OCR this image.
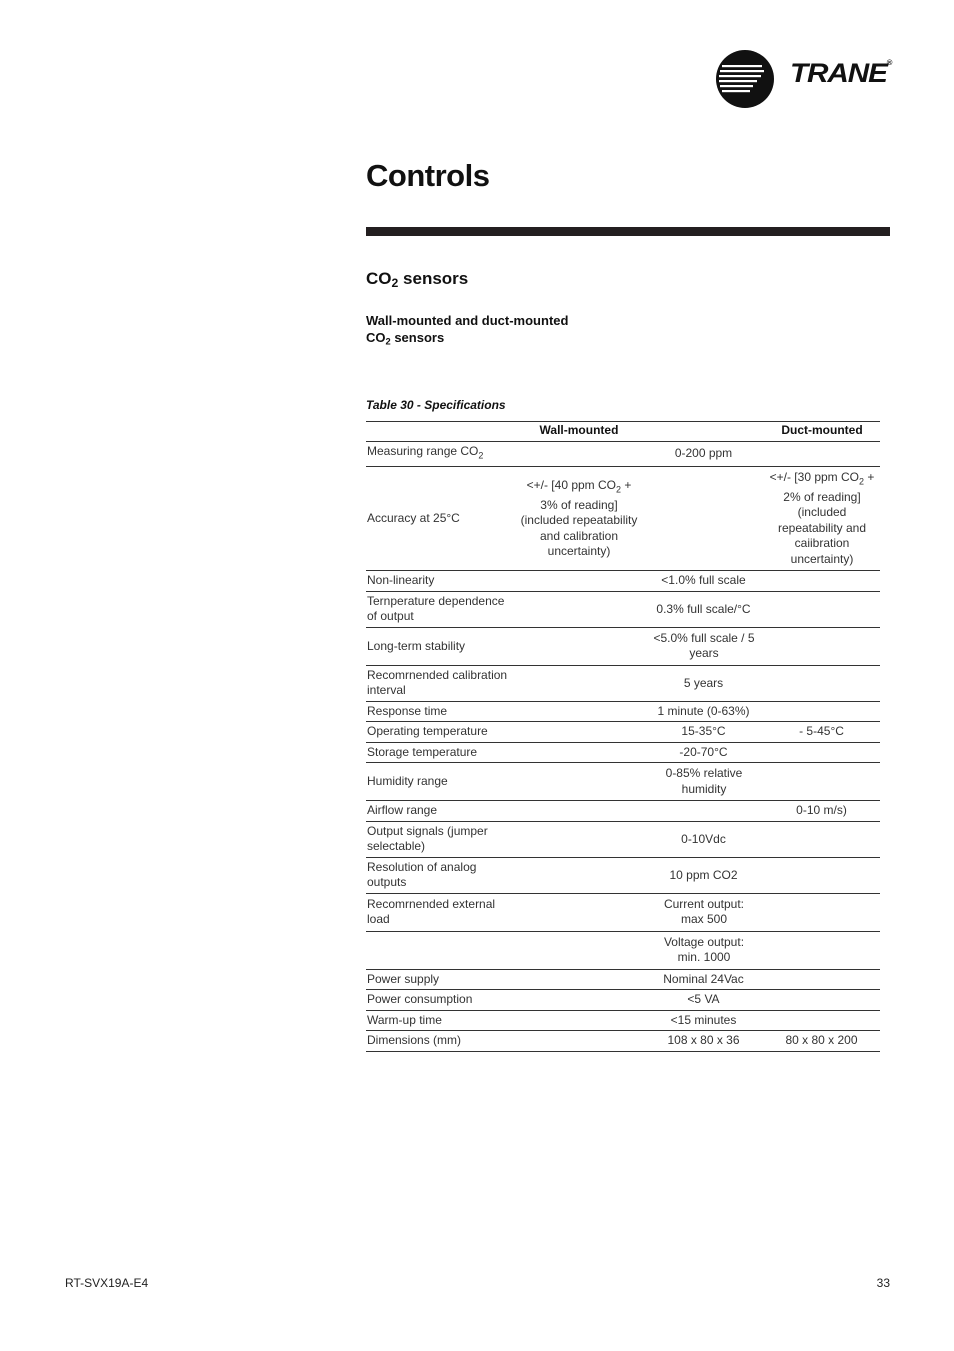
TRANE®
Controls
$CO_2$ sensors

Wall-mounted and duct-mounted
$CO_2$ sensors

Table 30 - Specifications
	Wall-mounted		Duct-mounted
Measuring range $CO_2$		0-200 ppm	
Accuracy at 25°C	<+/- [40 ppm $CO_2 + 3\%$ of reading] (included repeatability and calibration uncertainty)		<+/- [30 ppm $CO_2 + 2\%$ of reading] (included repeatability and caiibration uncertainty)
Non-linearity		<1.0% full scale	
Ternperature dependence of output		0.3% full scale/°C	
Long-term stability		<5.0% full scale / 5 years	
Recomrnended calibration interval		5 years	
Response time		1 minute (0-63%)	
Operating temperature		15-35°C	- 5-45°C
Storage temperature		-20-70°C	
Humidity range		0-85% relative humidity	
Airflow range			0-10 m/s)
Output signals (jumper selectable)		0-10Vdc	
Resolution of analog outputs		10 ppm CO2	
Recomrnended external load		Current output: max 500	
		Voltage output: min. 1000	
Power supply		Nominal 24Vac	
Power consumption		<5 VA	
Warm-up time		<15 minutes	
Dimensions (mm)		108 x 80 x 36	80 x 80 x 200
RT-SVX19A-E4	33
